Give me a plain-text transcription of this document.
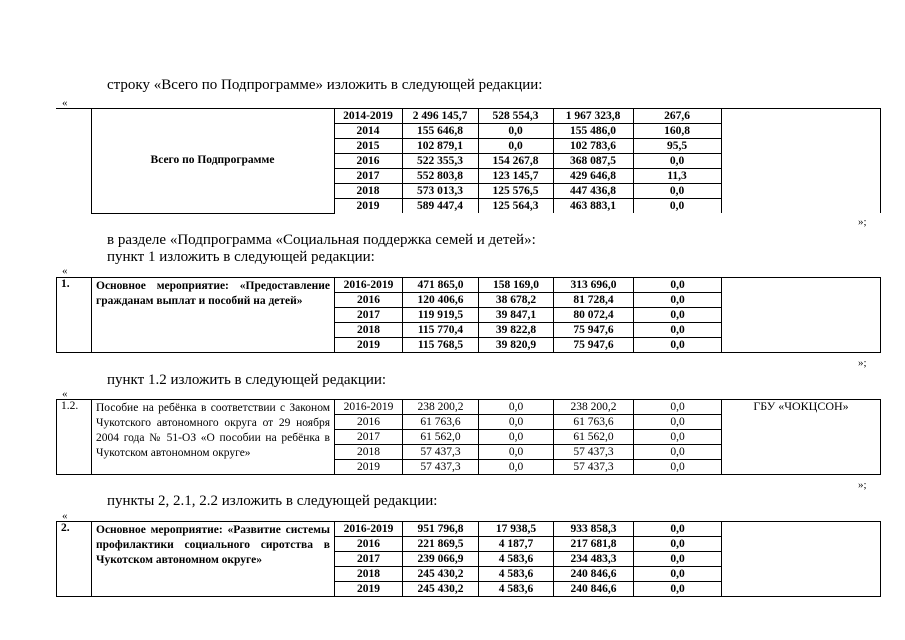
строку «Всего по Подпрограмме» изложить в следующей редакции:
«
	Всего по Подпрограмме	2014-2019	2 496 145,7	528 554,3	1 967 323,8	267,6	
		2014	155 646,8	0,0	155 486,0	160,8	
		2015	102 879,1	0,0	102 783,6	95,5	
		2016	522 355,3	154 267,8	368 087,5	0,0	
		2017	552 803,8	123 145,7	429 646,8	11,3	
		2018	573 013,3	125 576,5	447 436,8	0,0	
		2019	589 447,4	125 564,3	463 883,1	0,0	
»;
в разделе «Подпрограмма «Социальная поддержка семей и детей»:
пункт 1 изложить в следующей редакции:
«
1.	Основное мероприятие: «Предоставление гражданам выплат и пособий на детей»	2016-2019	471 865,0	158 169,0	313 696,0	0,0	
		2016	120 406,6	38 678,2	81 728,4	0,0	
		2017	119 919,5	39 847,1	80 072,4	0,0	
		2018	115 770,4	39 822,8	75 947,6	0,0	
		2019	115 768,5	39 820,9	75 947,6	0,0	
»;
пункт 1.2 изложить в следующей редакции:
«
1.2.	Пособие на ребёнка в соответствии с Законом Чукотского автономного округа от 29 ноября 2004 года № 51-ОЗ «О пособии на ребёнка в Чукотском автономном округе»	2016-2019	238 200,2	0,0	238 200,2	0,0	ГБУ «ЧОКЦСОН»
		2016	61 763,6	0,0	61 763,6	0,0	
		2017	61 562,0	0,0	61 562,0	0,0	
		2018	57 437,3	0,0	57 437,3	0,0	
		2019	57 437,3	0,0	57 437,3	0,0	
»;
пункты 2, 2.1, 2.2 изложить в следующей редакции:
«
2.	Основное мероприятие: «Развитие системы профилактики социального сиротства в Чукотском автономном округе»	2016-2019	951 796,8	17 938,5	933 858,3	0,0	
		2016	221 869,5	4 187,7	217 681,8	0,0	
		2017	239 066,9	4 583,6	234 483,3	0,0	
		2018	245 430,2	4 583,6	240 846,6	0,0	
		2019	245 430,2	4 583,6	240 846,6	0,0	
